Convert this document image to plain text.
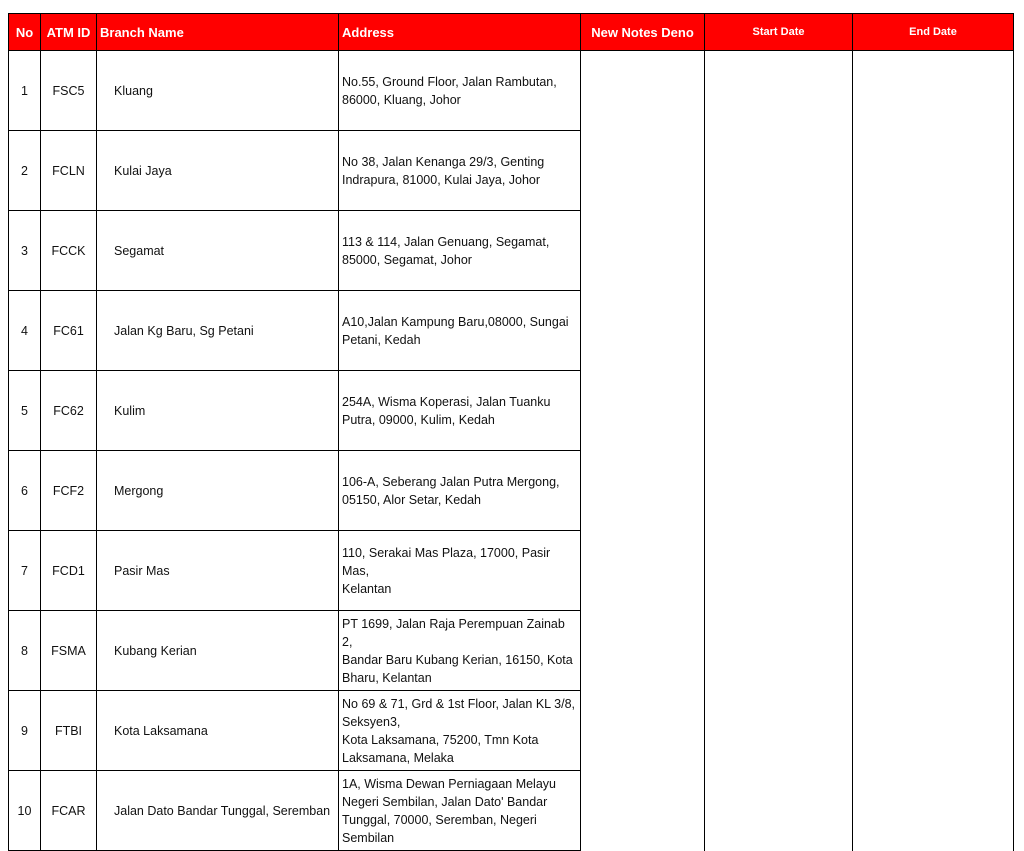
No	ATM ID	Branch Name	Address	New Notes Deno	Start Date	End Date
1	FSC5	Kluang	No.55, Ground Floor, Jalan Rambutan,
86000, Kluang, Johor			

2	FCLN	Kulai Jaya	No 38, Jalan Kenanga 29/3, Genting
Indrapura, 81000, Kulai Jaya, Johor			

3	FCCK	Segamat	113 & 114, Jalan Genuang, Segamat,
85000, Segamat, Johor			

4	FC61	Jalan Kg Baru, Sg Petani	A10,Jalan Kampung Baru,08000, Sungai
Petani, Kedah			

5	FC62	Kulim	254A, Wisma Koperasi, Jalan Tuanku
Putra, 09000, Kulim, Kedah			

6	FCF2	Mergong	106-A, Seberang Jalan Putra Mergong,
05150, Alor Setar, Kedah			

7	FCD1	Pasir Mas	110, Serakai Mas Plaza, 17000, Pasir Mas,
Kelantan			

8	FSMA	Kubang Kerian	PT 1699, Jalan Raja Perempuan Zainab 2,
Bandar Baru Kubang Kerian, 16150, Kota
Bharu, Kelantan			

9	FTBI	Kota Laksamana	No 69 & 71, Grd & 1st Floor, Jalan KL 3/8,
Seksyen3,
Kota Laksamana, 75200, Tmn Kota
Laksamana, Melaka			

10	FCAR	Jalan Dato Bandar Tunggal, Seremban	1A, Wisma Dewan Perniagaan Melayu
Negeri Sembilan, Jalan Dato' Bandar
Tunggal, 70000, Seremban, Negeri
Sembilan			
